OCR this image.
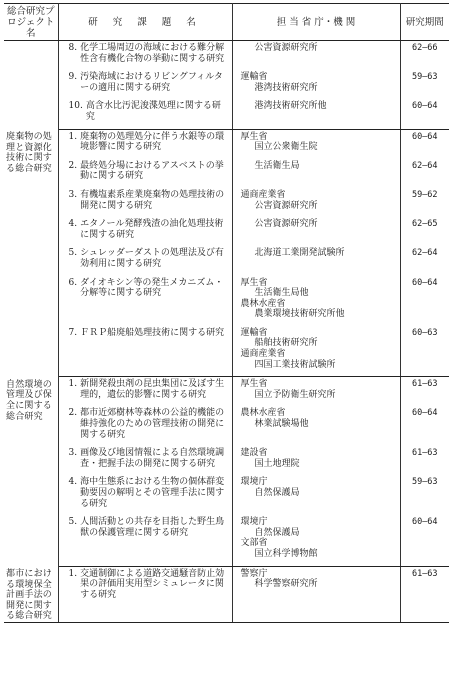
総合研究プロジェクト名	研 究 課 題 名	担 当 省 庁・機 関	研究期間

	8. 化学工場周辺の海域における難分解性含有機化合物の挙動に関する研究	公害資源研究所	62—66

	9. 汚染海域におけるリビングフィルターの適用に関する研究	運輸省
港湾技術研究所	59—63

	10. 高含水比汚泥浚渫処理に関する研究	港湾技術研究所他	60—64
廃棄物の処理と資源化技術に関する総合研究	1. 廃棄物の処理処分に伴う水銀等の環境影響に関する研究	厚生省
国立公衆衛生院	60—64

	2. 最終処分場におけるアスベストの挙動に関する研究	生活衛生局	62—64

	3. 有機塩素系産業廃棄物の処理技術の開発に関する研究	通商産業省
公害資源研究所	59—62

	4. エタノール発酵残渣の油化処理技術に関する研究	公害資源研究所	62—65

	5. シュレッダーダストの処理法及び有効利用に関する研究	北海道工業開発試験所	62—64

	6. ダイオキシン等の発生メカニズム・分解等に関する研究	厚生省
生活衛生局他
農林水産省
農業環境技術研究所他	60—64

	7. ＦＲＰ船廃船処理技術に関する研究	運輸省
船舶技術研究所
通商産業省
四国工業技術試験所	60—63
自然環境の管理及び保全に関する総合研究	1. 新開発殺虫剤の昆虫集団に及ぼす生理的，遺伝的影響に関する研究	厚生省
国立予防衛生研究所	61—63

	2. 都市近郊樹林等森林の公益的機能の維持強化のための管理技術の開発に関する研究	農林水産省
林業試験場他	60—64

	3. 画像及び地図情報による自然環境調査・把握手法の開発に関する研究	建設省
国土地理院	61—63

	4. 海中生態系における生物の個体群変動要因の解明とその管理手法に関する研究	環境庁
自然保護局	59—63

	5. 人間活動との共存を目指した野生鳥獣の保護管理に関する研究	環境庁
自然保護局
文部省
国立科学博物館	60—64
都市における環境保全計画手法の開発に関する総合研究	1. 交通制御による道路交通騒音防止効果の評価用実用型シミュレータに関する研究	警察庁
科学警察研究所	61—63
